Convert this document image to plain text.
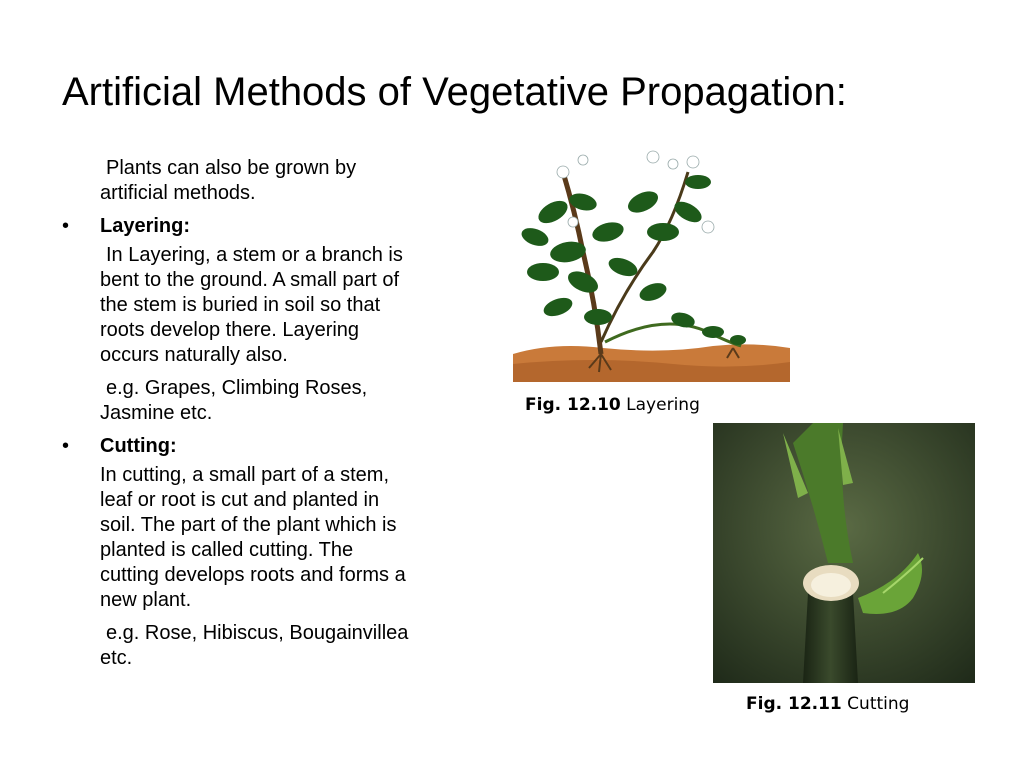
Artificial Methods of Vegetative Propagation:

Plants can also be grown by
artificial methods.

• Layering:

In Layering, a stem or a branch is
bent to the ground. A small part of
the stem is buried in soil so that
roots develop there. Layering
occurs naturally also.

e.g. Grapes, Climbing Roses,
Jasmine etc.

• Cutting:

In cutting, a small part of a stem,
leaf or root is cut and planted in
soil. The part of the plant which is
planted is called cutting. The
cutting develops roots and forms a
new plant.

e.g. Rose, Hibiscus, Bougainvillea
etc.

Fig. 12.10 Layering
Fig. 12.11 Cutting
